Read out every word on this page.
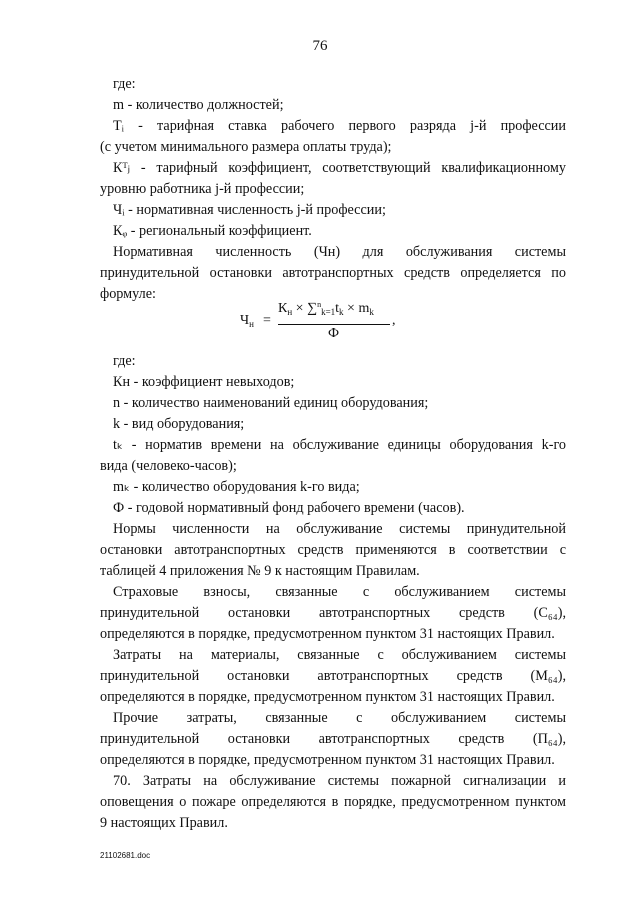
76
где:
m - количество должностей;
Tᵢ - тарифная ставка рабочего первого разряда j-й профессии
(с учетом минимального размера оплаты труда);
Кᵀⱼ - тарифный коэффициент, соответствующий квалификационному
уровню работника j-й профессии;
Чᵢ - нормативная численность j-й профессии;
Кᵩ - региональный коэффициент.
Нормативная численность (Чн) для обслуживания системы
принудительной остановки автотранспортных средств определяется по
формуле:
$Ч_н$ =
$К_н \times \sum^n_{k=1}t_k \times m_k$
Ф
,
где:
Кн - коэффициент невыходов;
n - количество наименований единиц оборудования;
k - вид оборудования;
tₖ - норматив времени на обслуживание единицы оборудования k-го
вида (человеко-часов);
mₖ - количество оборудования k-го вида;
Ф - годовой нормативный фонд рабочего времени (часов).
Нормы численности на обслуживание системы принудительной
остановки автотранспортных средств применяются в соответствии с
таблицей 4 приложения № 9 к настоящим Правилам.
Страховые взносы, связанные с обслуживанием системы
принудительной остановки автотранспортных средств (С₆₄),
определяются в порядке, предусмотренном пунктом 31 настоящих Правил.
Затраты на материалы, связанные с обслуживанием системы
принудительной остановки автотранспортных средств (М₆₄),
определяются в порядке, предусмотренном пунктом 31 настоящих Правил.
Прочие затраты, связанные с обслуживанием системы
принудительной остановки автотранспортных средств (П₆₄),
определяются в порядке, предусмотренном пунктом 31 настоящих Правил.
70. Затраты на обслуживание системы пожарной сигнализации и
оповещения о пожаре определяются в порядке, предусмотренном пунктом
9 настоящих Правил.
21102681.doc
